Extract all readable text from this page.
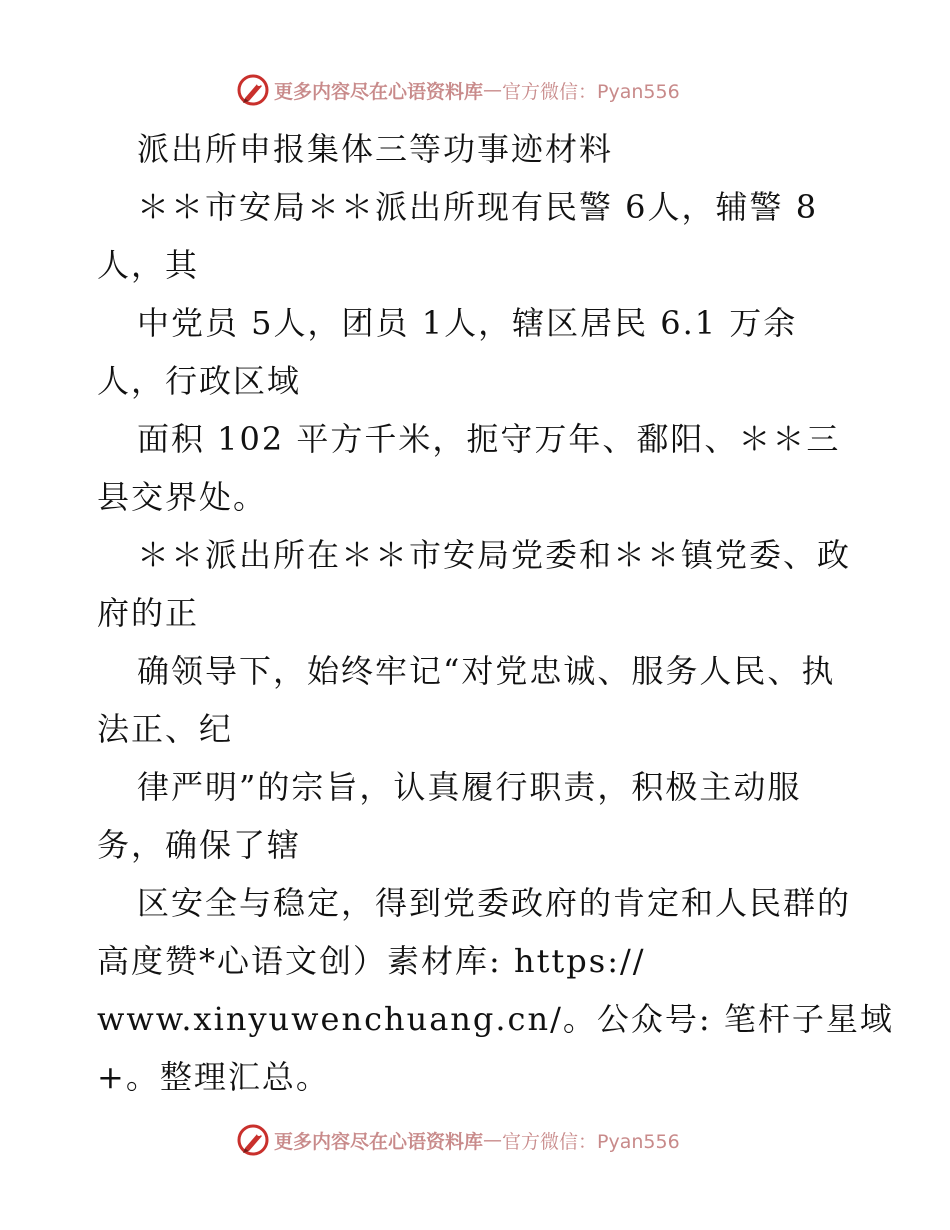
更多内容尽在心语资料库 — 官方微信：Pyan556
派出所申报集体三等功事迹材料
＊＊市安局＊＊派出所现有民警 6人，辅警 8
人，其
中党员 5人，团员 1人，辖区居民 6.1 万余
人，行政区域
面积 102 平方千米，扼守万年、鄱阳、＊＊三
县交界处。
＊＊派出所在＊＊市安局党委和＊＊镇党委、政
府的正
确领导下，始终牢记“对党忠诚、服务人民、执
法正、纪
律严明”的宗旨，认真履行职责，积极主动服
务，确保了辖
区安全与稳定，得到党委政府的肯定和人民群的
高度赞*心语文创）素材库: https://
www.xinyuwenchuang.cn/。公众号: 笔杆子星域
+。整理汇总。
更多内容尽在心语资料库 — 官方微信：Pyan556
